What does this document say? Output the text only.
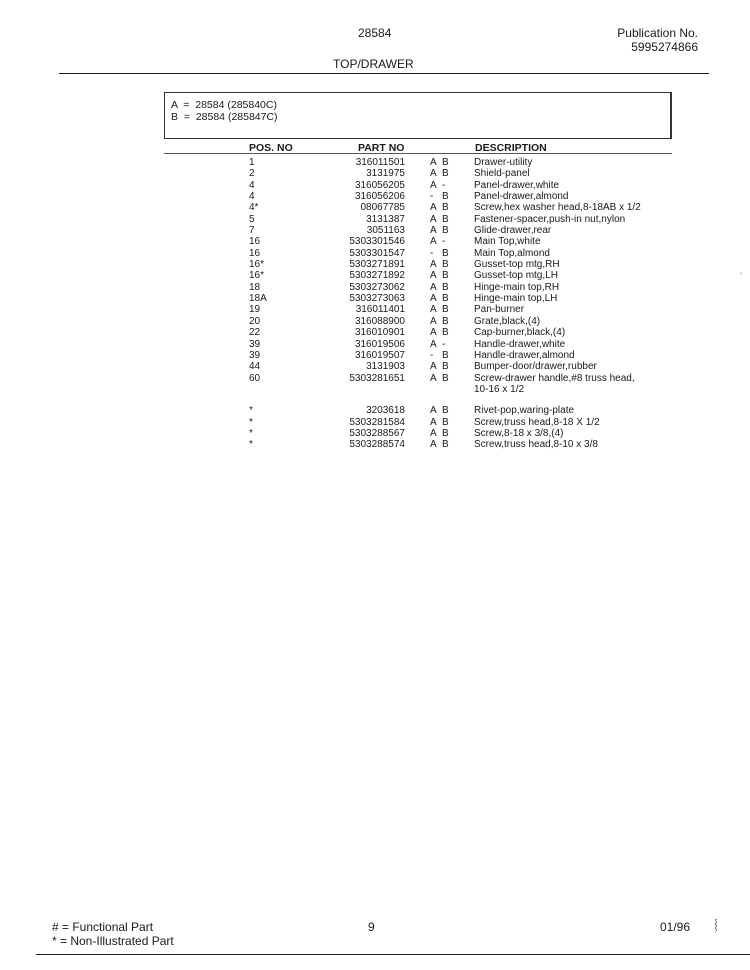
28584	Publication No.
5995274866
TOP/DRAWER
A  =  28584 (285840C)
B  =  28584 (285847C)
POS. NO	PART NO	DESCRIPTION
1	316011501	A B	Drawer-utility
2	3131975	A B	Shield-panel
4	316056205	A -	Panel-drawer,white
4	316056206	- B	Panel-drawer,almond
4*	08067785	A B	Screw,hex washer head,8-18AB x 1/2
5	3131387	A B	Fastener-spacer,push-in nut,nylon
7	3051163	A B	Glide-drawer,rear
16	5303301546	A -	Main Top,white
16	5303301547	- B	Main Top,almond
16*	5303271891	A B	Gusset-top mtg,RH
16*	5303271892	A B	Gusset-top mtg,LH
18	5303273062	A B	Hinge-main top,RH
18A	5303273063	A B	Hinge-main top,LH
19	316011401	A B	Pan-burner
20	316088900	A B	Grate,black,(4)
22	316010901	A B	Cap-burner,black,(4)
39	316019506	A -	Handle-drawer,white
39	316019507	- B	Handle-drawer,almond
44	3131903	A B	Bumper-door/drawer,rubber
60	5303281651	A B	Screw-drawer handle,#8 truss head,
10-16 x 1/2
*	3203618	A B	Rivet-pop,waring-plate
*	5303281584	A B	Screw,truss head,8-18 X 1/2
*	5303288567	A B	Screw,8-18 x 3/8,(4)
*	5303288574	A B	Screw,truss head,8-10 x 3/8
# = Functional Part
* = Non-Illustrated Part
9	01/96 ⸾
ʼ
